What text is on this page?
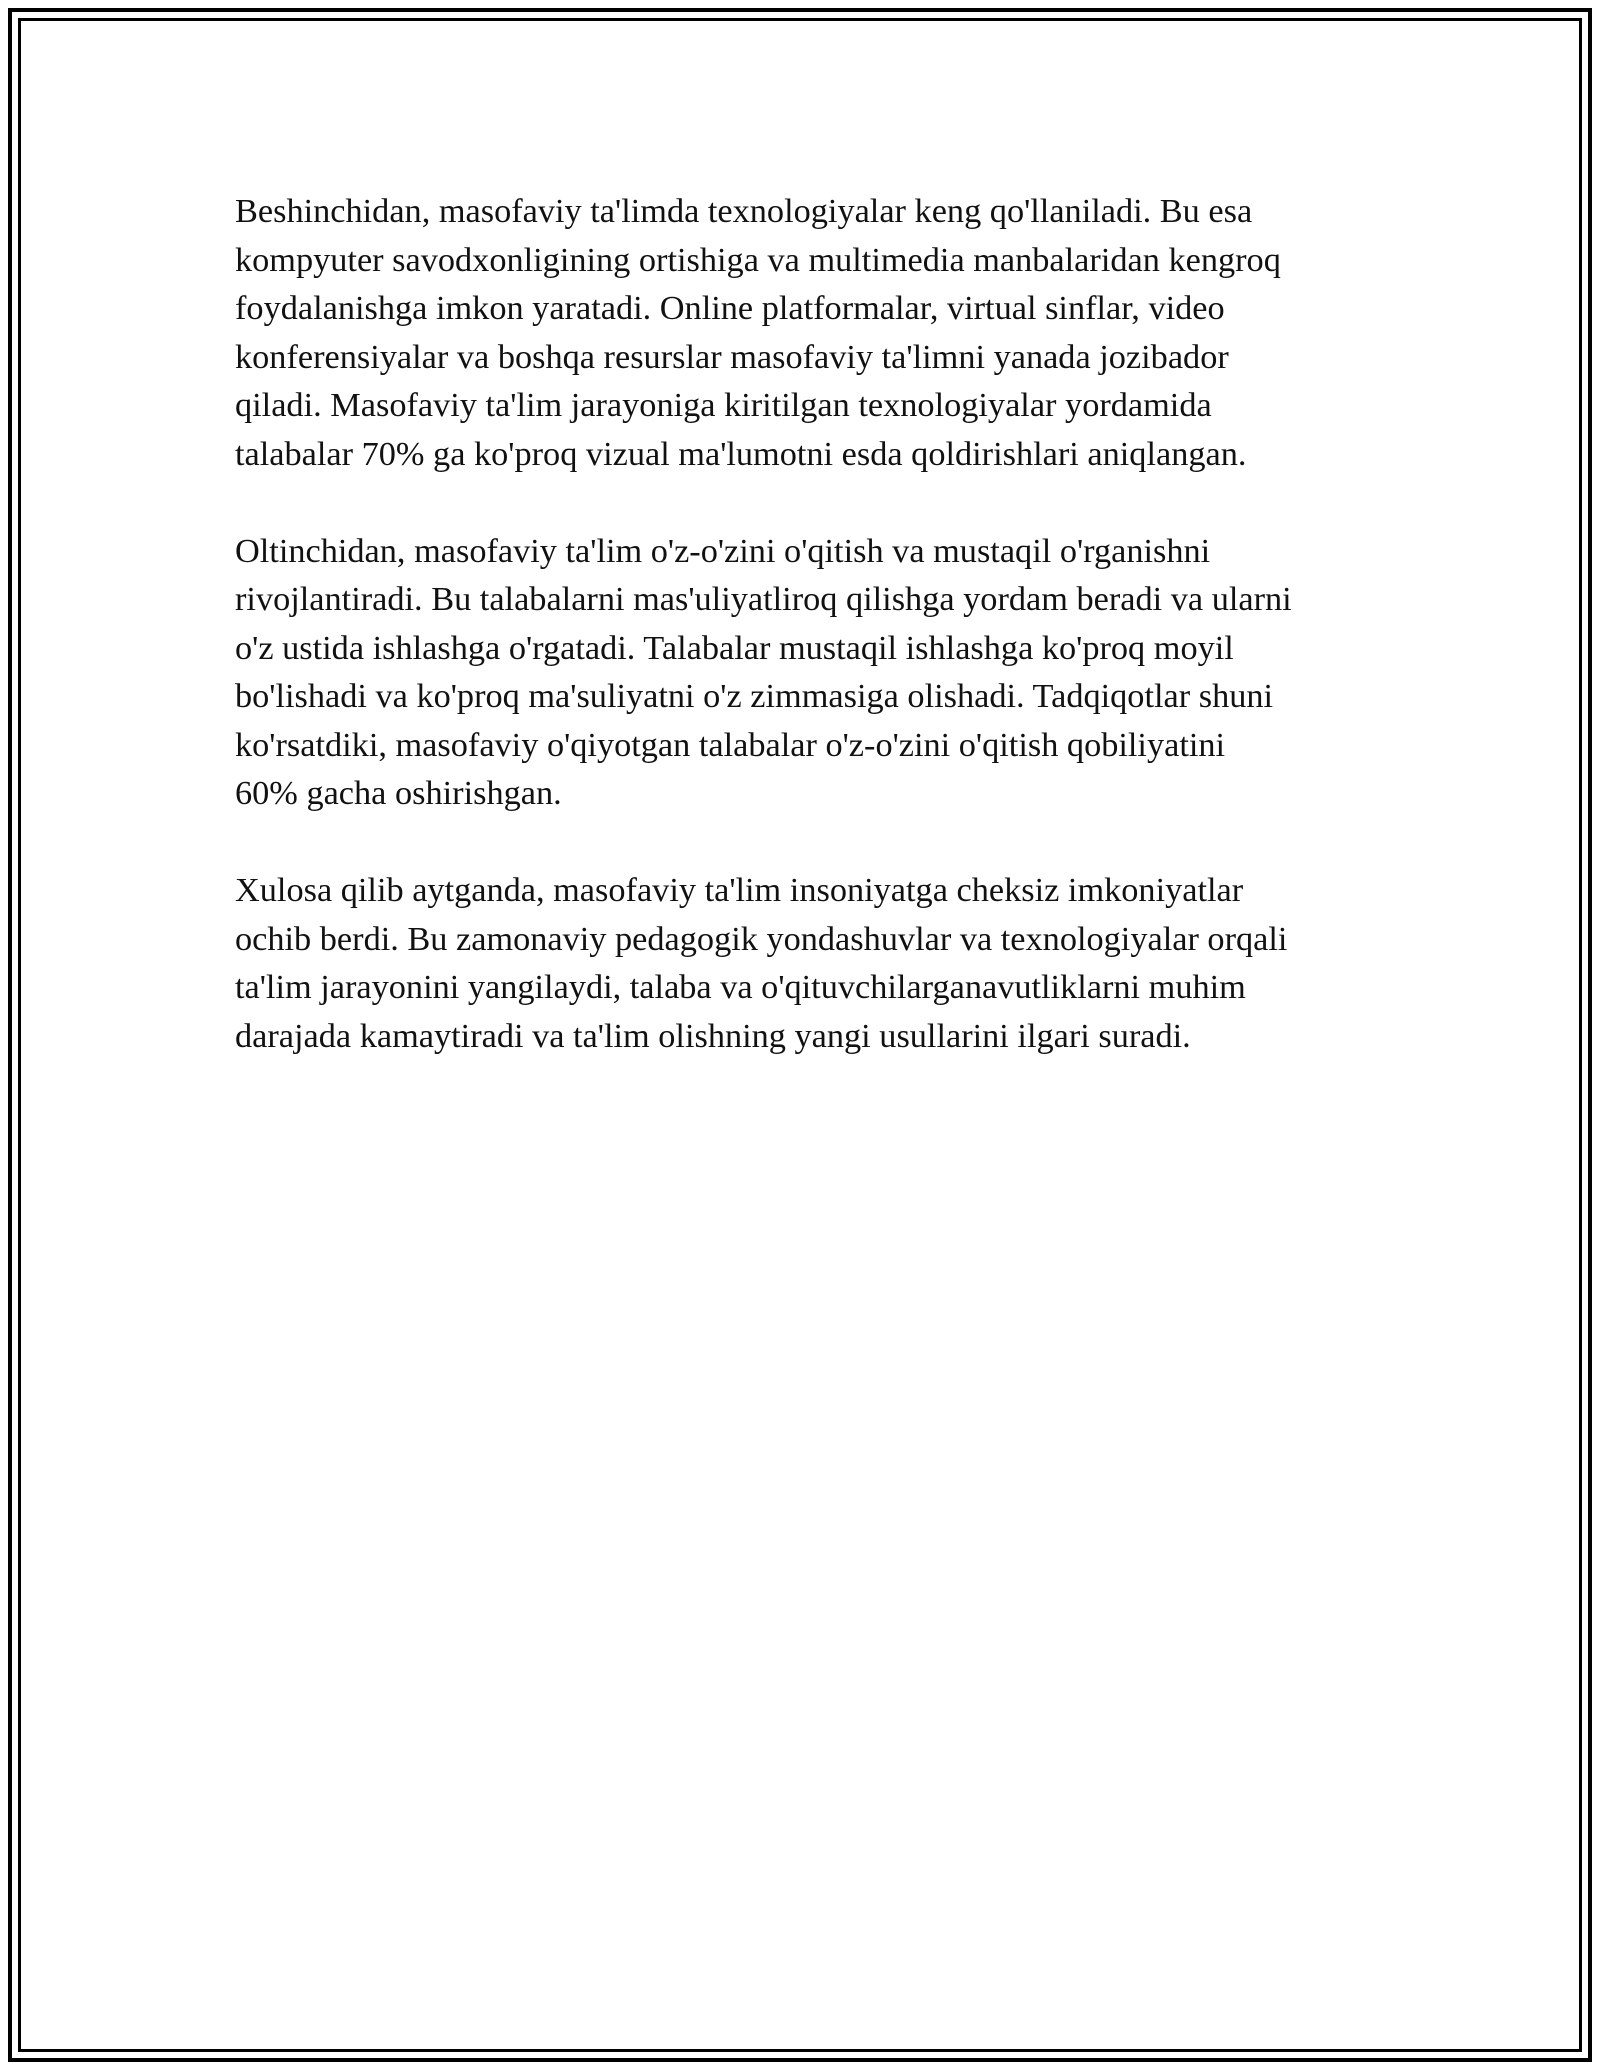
Beshinchidan, masofaviy ta'limda texnologiyalar keng qo'llaniladi. Bu esa
kompyuter savodxonligining ortishiga va multimedia manbalaridan kengroq
foydalanishga imkon yaratadi. Online platformalar, virtual sinflar, video
konferensiyalar va boshqa resurslar masofaviy ta'limni yanada jozibador
qiladi. Masofaviy ta'lim jarayoniga kiritilgan texnologiyalar yordamida
talabalar 70% ga ko'proq vizual ma'lumotni esda qoldirishlari aniqlangan.

Oltinchidan, masofaviy ta'lim o'z-o'zini o'qitish va mustaqil o'rganishni
rivojlantiradi. Bu talabalarni mas'uliyatliroq qilishga yordam beradi va ularni
o'z ustida ishlashga o'rgatadi. Talabalar mustaqil ishlashga ko'proq moyil
bo'lishadi va ko'proq ma'suliyatni o'z zimmasiga olishadi. Tadqiqotlar shuni
ko'rsatdiki, masofaviy o'qiyotgan talabalar o'z-o'zini o'qitish qobiliyatini
60% gacha oshirishgan.

Xulosa qilib aytganda, masofaviy ta'lim insoniyatga cheksiz imkoniyatlar
ochib berdi. Bu zamonaviy pedagogik yondashuvlar va texnologiyalar orqali
ta'lim jarayonini yangilaydi, talaba va o'qituvchilarganavutliklarni muhim
darajada kamaytiradi va ta'lim olishning yangi usullarini ilgari suradi.
